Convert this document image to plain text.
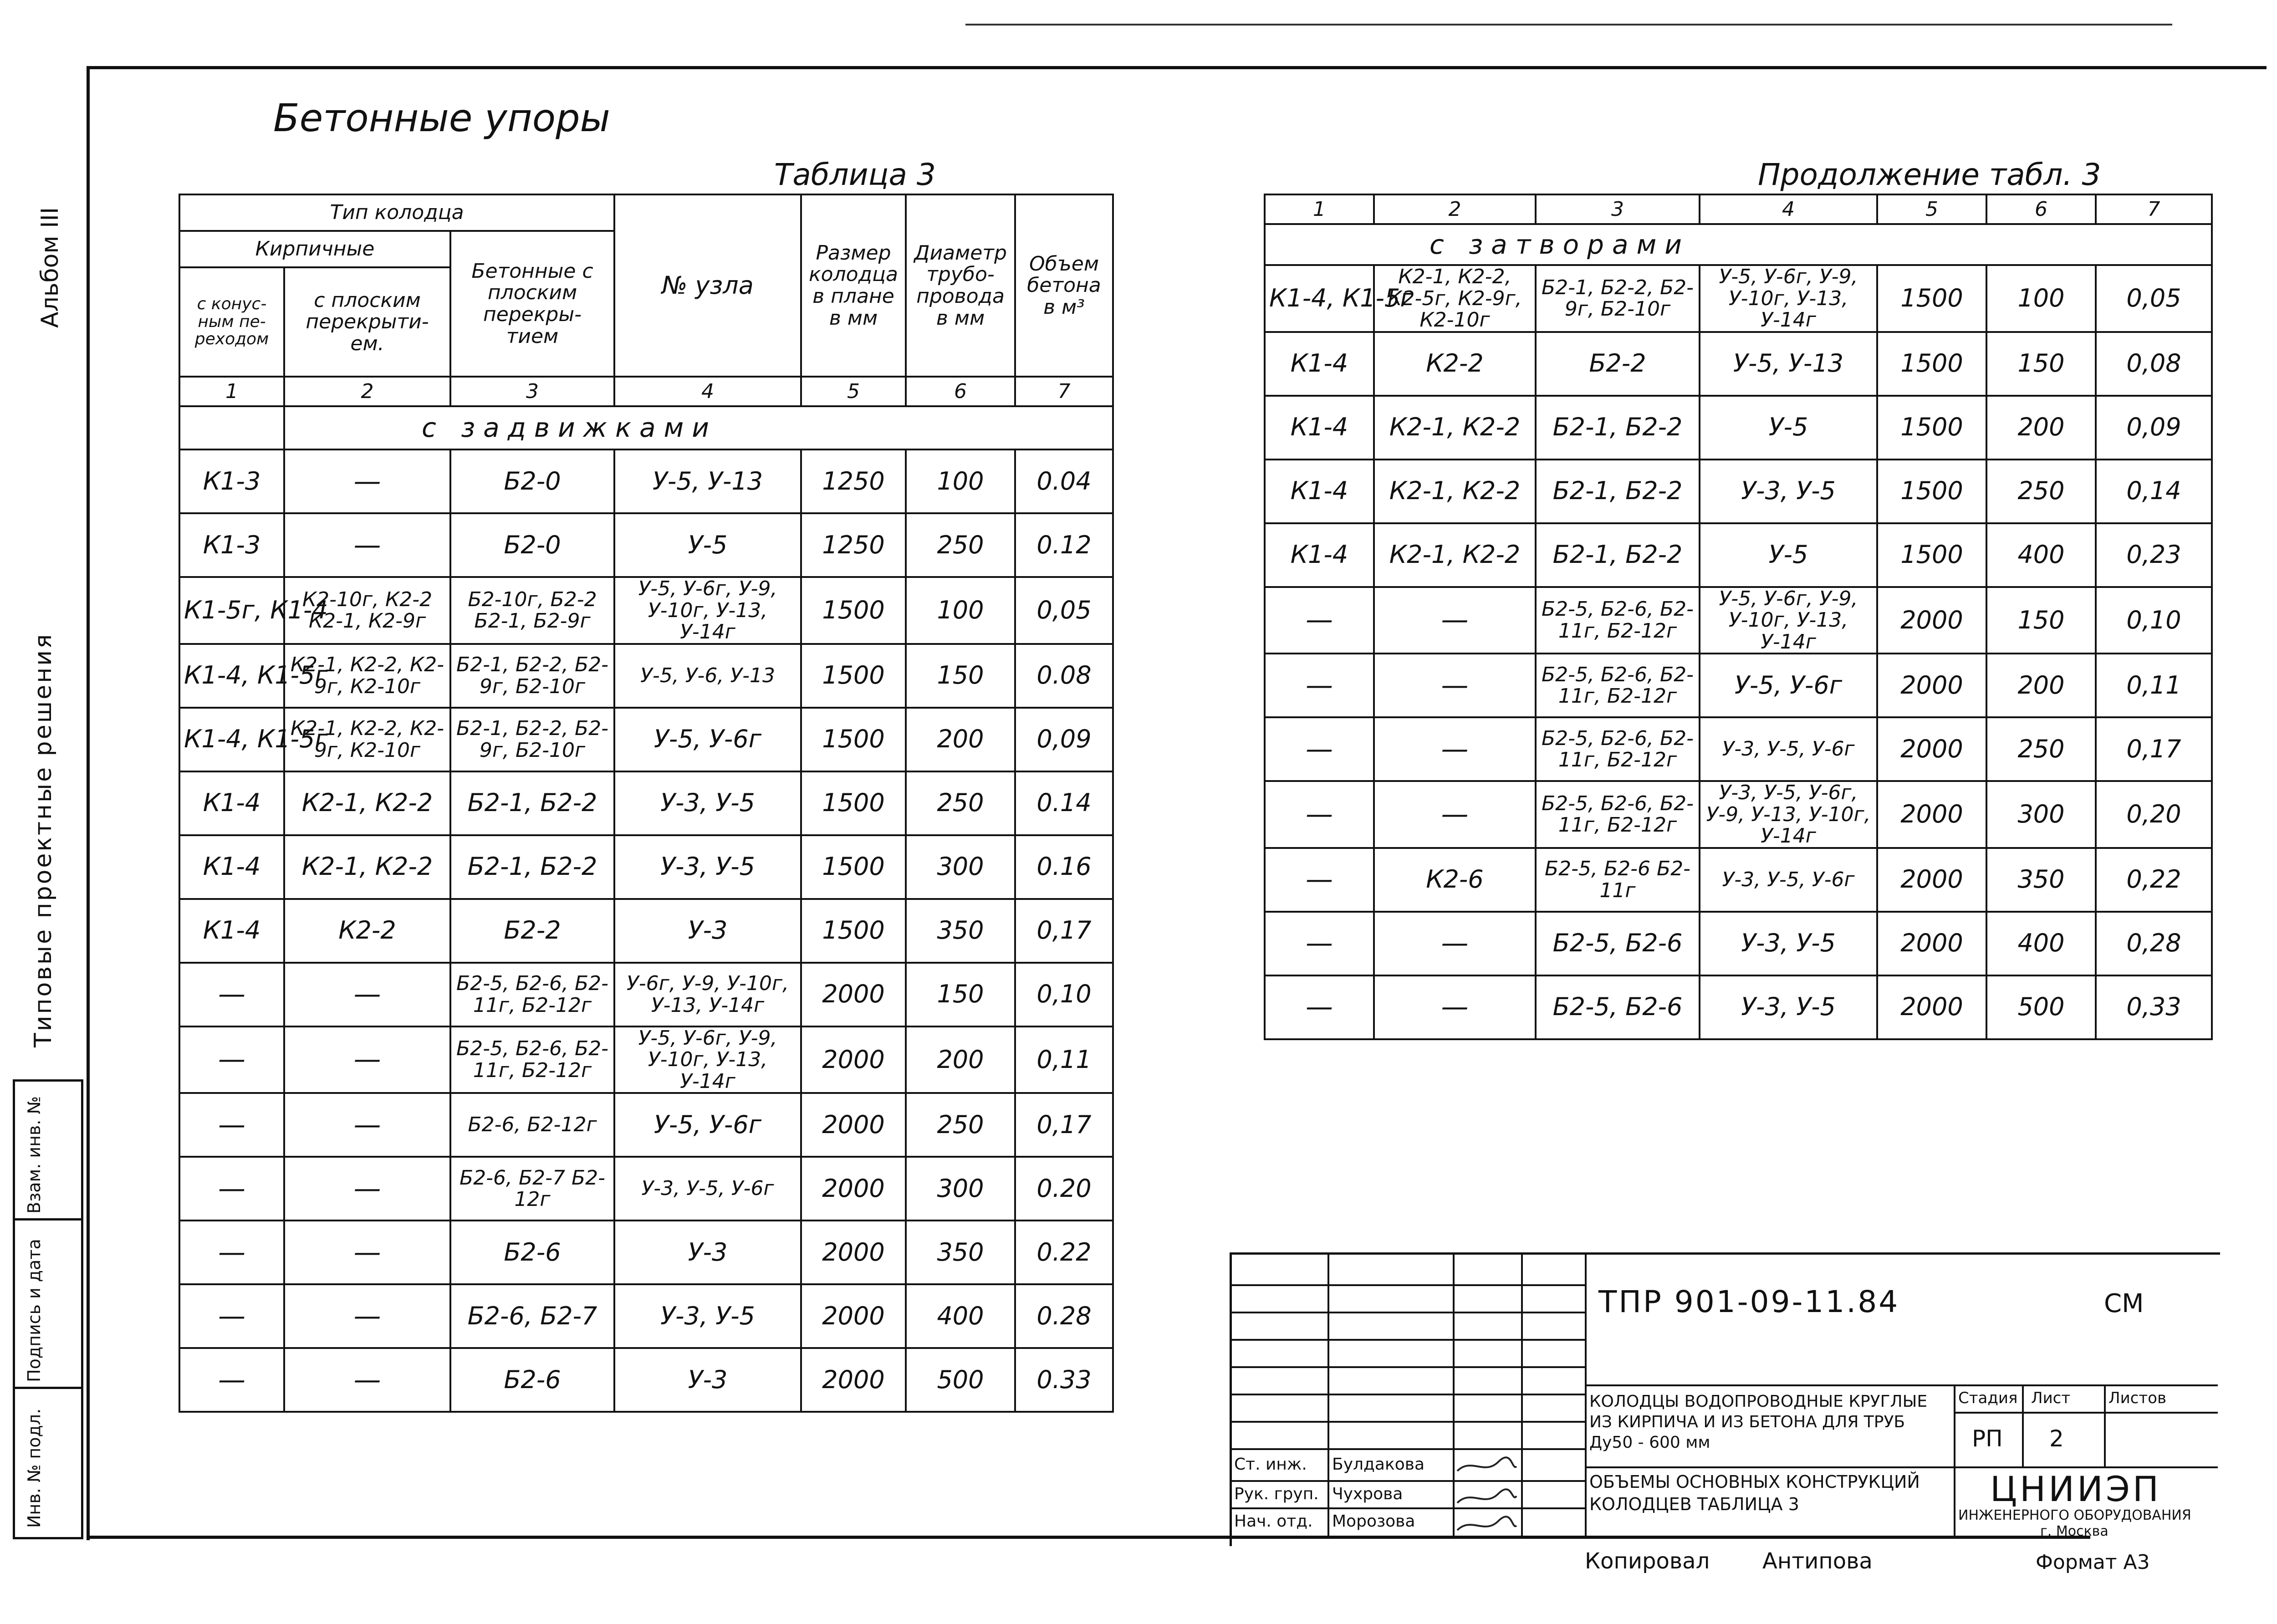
Бетонные упоры
Альбом III
Типовые проектные решения
Инв. № подл.
Подпись и дата
Взам. инв. №
Таблица 3
Тип колодца			№ узла	Размер колодца в плане в мм	Диаметр трубо- провода в мм	Объем бетона в м³
Кирпичные		Бетонные с плоским перекры- тием				
с конус- ным пе- реходом	с плоским перекрыти- ем.					
1	2	3	4	5	6	7
	с задвижками					
К1-3	—	Б2-0	У-5, У-13	1250	100	0.04
К1-3	—	Б2-0	У-5	1250	250	0.12
К1-5г, К1-4	К2-10г, К2-2 К2-1, К2-9г	Б2-10г, Б2-2 Б2-1, Б2-9г	У-5, У-6г, У-9, У-10г, У-13, У-14г	1500	100	0,05
К1-4, К1-5г	К2-1, К2-2, К2-9г, К2-10г	Б2-1, Б2-2, Б2-9г, Б2-10г	У-5, У-6, У-13	1500	150	0.08
К1-4, К1-5г	К2-1, К2-2, К2-9г, К2-10г	Б2-1, Б2-2, Б2-9г, Б2-10г	У-5, У-6г	1500	200	0,09
К1-4	К2-1, К2-2	Б2-1, Б2-2	У-3, У-5	1500	250	0.14
К1-4	К2-1, К2-2	Б2-1, Б2-2	У-3, У-5	1500	300	0.16
К1-4	К2-2	Б2-2	У-3	1500	350	0,17
—	—	Б2-5, Б2-6, Б2-11г, Б2-12г	У-6г, У-9, У-10г, У-13, У-14г	2000	150	0,10
—	—	Б2-5, Б2-6, Б2-11г, Б2-12г	У-5, У-6г, У-9, У-10г, У-13, У-14г	2000	200	0,11
—	—	Б2-6, Б2-12г	У-5, У-6г	2000	250	0,17
—	—	Б2-6, Б2-7 Б2-12г	У-3, У-5, У-6г	2000	300	0.20
—	—	Б2-6	У-3	2000	350	0.22
—	—	Б2-6, Б2-7	У-3, У-5	2000	400	0.28
—	—	Б2-6	У-3	2000	500	0.33
Продолжение табл. 3
1	2	3	4	5	6	7
с затворами						
К1-4, К1-5г	К2-1, К2-2, К2-5г, К2-9г, К2-10г	Б2-1, Б2-2, Б2-9г, Б2-10г	У-5, У-6г, У-9, У-10г, У-13, У-14г	1500	100	0,05
К1-4	К2-2	Б2-2	У-5, У-13	1500	150	0,08
К1-4	К2-1, К2-2	Б2-1, Б2-2	У-5	1500	200	0,09
К1-4	К2-1, К2-2	Б2-1, Б2-2	У-3, У-5	1500	250	0,14
К1-4	К2-1, К2-2	Б2-1, Б2-2	У-5	1500	400	0,23
—	—	Б2-5, Б2-6, Б2-11г, Б2-12г	У-5, У-6г, У-9, У-10г, У-13, У-14г	2000	150	0,10
—	—	Б2-5, Б2-6, Б2-11г, Б2-12г	У-5, У-6г	2000	200	0,11
—	—	Б2-5, Б2-6, Б2-11г, Б2-12г	У-3, У-5, У-6г	2000	250	0,17
—	—	Б2-5, Б2-6, Б2-11г, Б2-12г	У-3, У-5, У-6г, У-9, У-13, У-10г, У-14г	2000	300	0,20
—	К2-6	Б2-5, Б2-6 Б2-11г	У-3, У-5, У-6г	2000	350	0,22
—	—	Б2-5, Б2-6	У-3, У-5	2000	400	0,28
—	—	Б2-5, Б2-6	У-3, У-5	2000	500	0,33
ТПР 901-09-11.84	СМ
КОЛОДЦЫ ВОДОПРОВОДНЫЕ КРУГЛЫЕ ИЗ КИРПИЧА И ИЗ БЕТОНА ДЛЯ ТРУБ Ду50 - 600 мм
ОБЪЕМЫ ОСНОВНЫХ КОНСТРУКЦИЙ КОЛОДЦЕВ ТАБЛИЦА 3
Стадия Лист Листов
РП 2
ЦНИИЭП
ИНЖЕНЕРНОГО ОБОРУДОВАНИЯ
г. Москва
Ст. инж. Булдакова
Рук. груп. Чухрова
Нач. отд. Морозова
Копировал Антипова	Формат А3
